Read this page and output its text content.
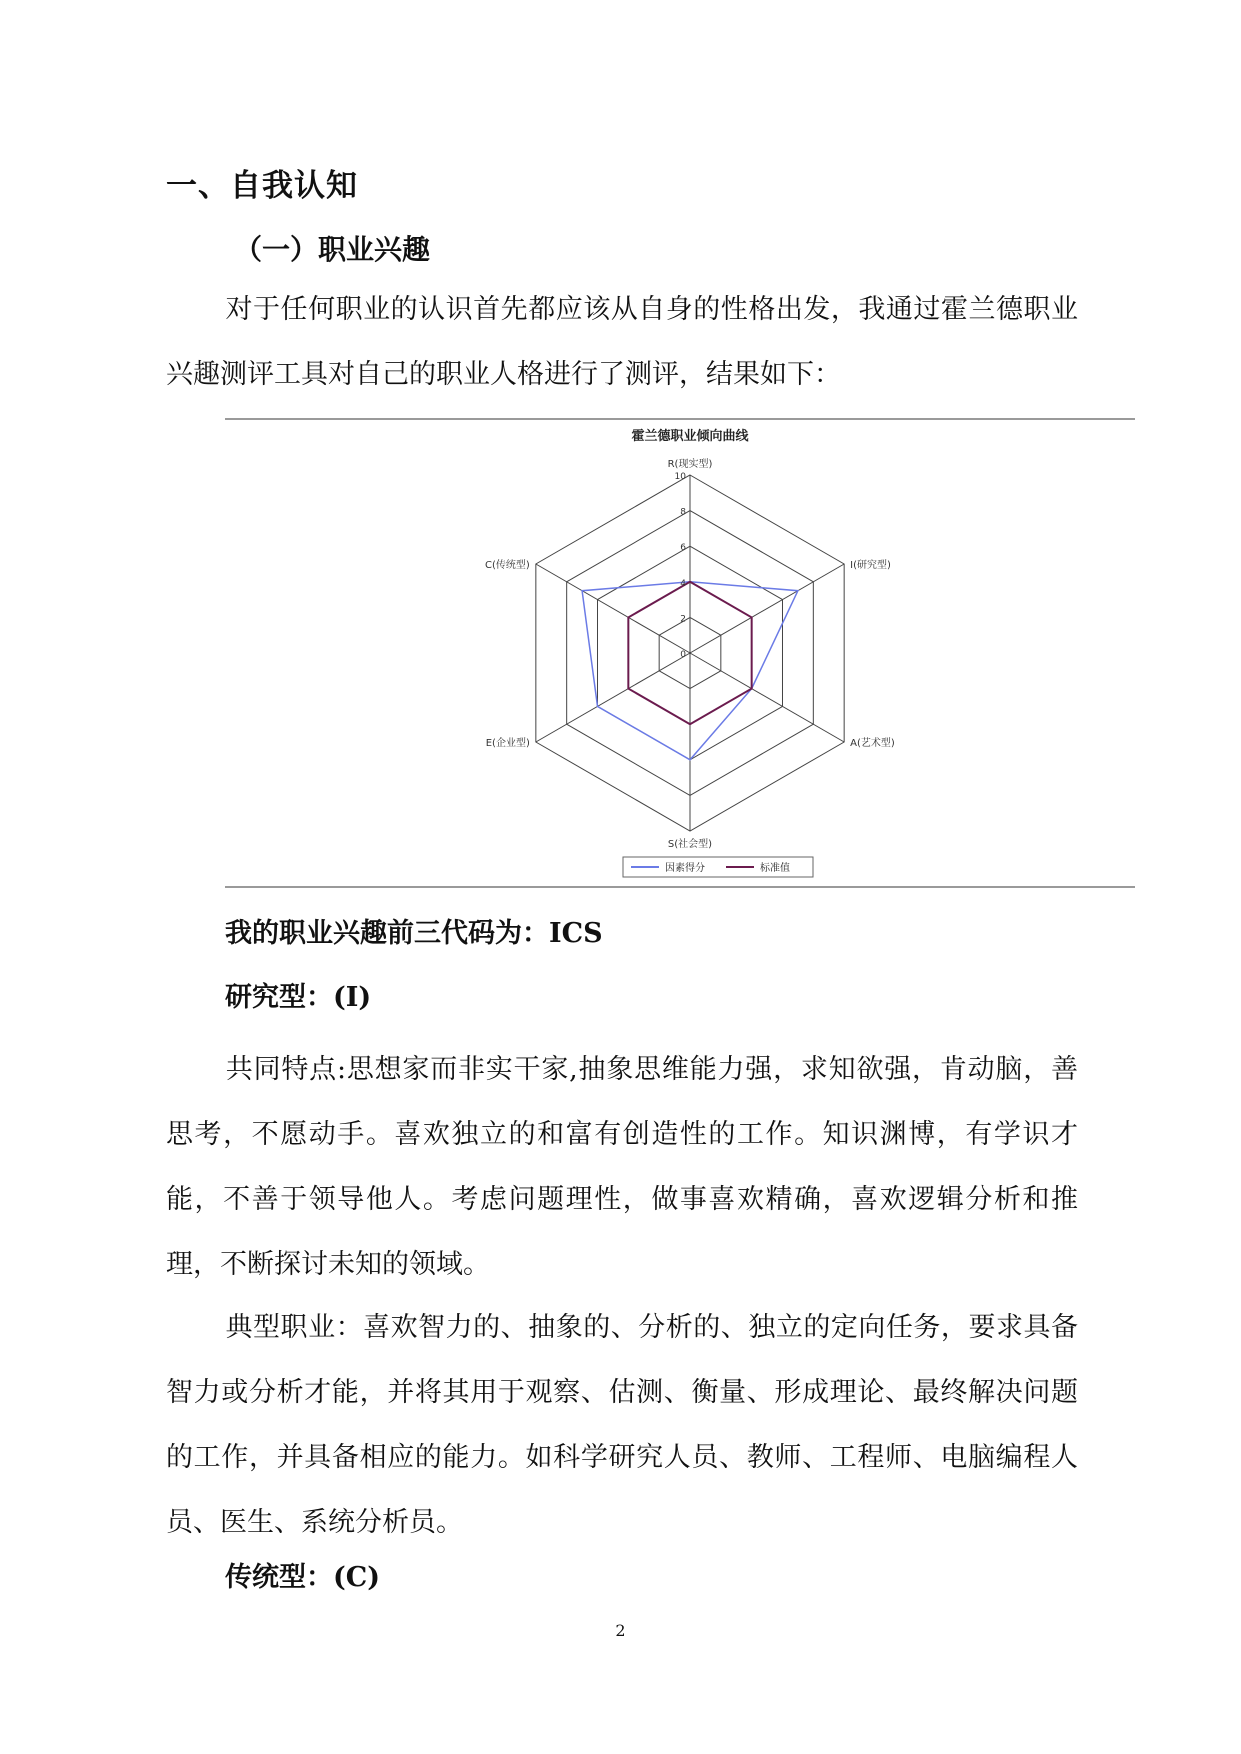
一、自我认知
（一）职业兴趣

对于任何职业的认识首先都应该从自身的性格出发，我通过霍兰德职业兴趣测评工具对自己的职业人格进行了测评，结果如下：

霍兰德职业倾向曲线
0
2
4
6
8
10
R(现实型)
I(研究型)
A(艺术型)
S(社会型)
E(企业型)
C(传统型)
因素得分	标准值
我的职业兴趣前三代码为：ICS
研究型：(I)

共同特点:思想家而非实干家,抽象思维能力强，求知欲强，肯动脑，善思考，不愿动手。喜欢独立的和富有创造性的工作。知识渊博，有学识才能，不善于领导他人。考虑问题理性，做事喜欢精确，喜欢逻辑分析和推理，不断探讨未知的领域。

典型职业：喜欢智力的、抽象的、分析的、独立的定向任务，要求具备智力或分析才能，并将其用于观察、估测、衡量、形成理论、最终解决问题的工作，并具备相应的能力。如科学研究人员、教师、工程师、电脑编程人员、医生、系统分析员。

传统型：(C)
2
